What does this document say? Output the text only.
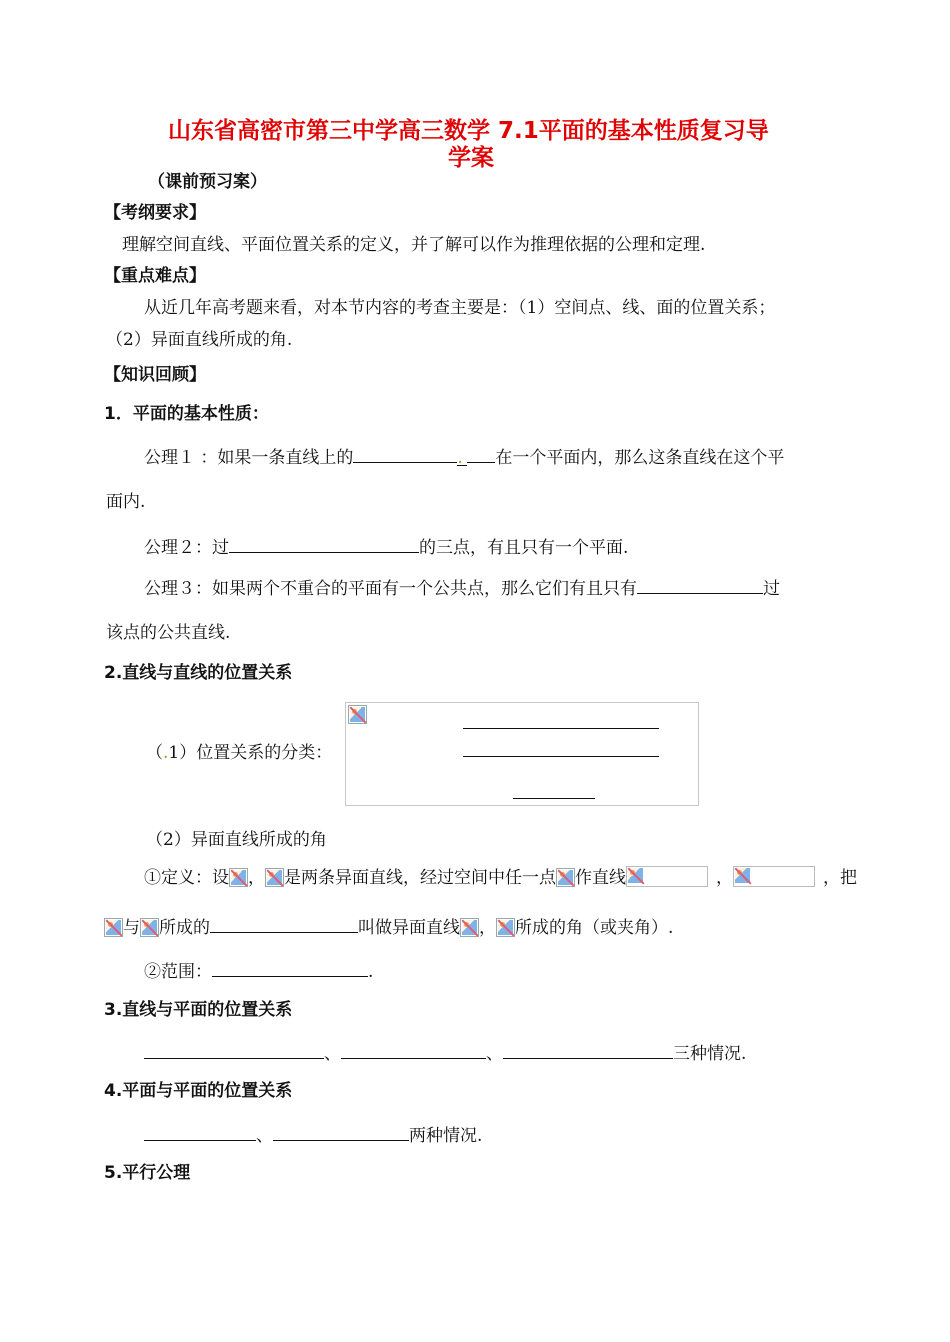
山东省高密市第三中学高三数学 7.1平面的基本性质复习导
学案
（课前预习案）
【考纲要求】
理解空间直线、平面位置关系的定义，并了解可以作为推理依据的公理和定理.
【重点难点】
从近几年高考题来看，对本节内容的考查主要是：（1）空间点、线、面的位置关系；
（2）异面直线所成的角.
【知识回顾】
1．平面的基本性质：
公理１ ：如果一条直线上的	. 在一个平面内，那么这条直线在这个平
面内.
公理２：过	的三点，有且只有一个平面.
公理３：如果两个不重合的平面有一个公共点，那么它们有且只有	过
该点的公共直线.
2.直线与直线的位置关系
（.1）位置关系的分类：
（2）异面直线所成的角
①定义：设 ， 是两条异面直线，经过空间中任一点 作直线	，	，把
与 所成的	叫做异面直线 ， 所成的角（或夹角）.
②范围：	.
3.直线与平面的位置关系
、	、	三种情况.
4.平面与平面的位置关系
、	两种情况.
5.平行公理
